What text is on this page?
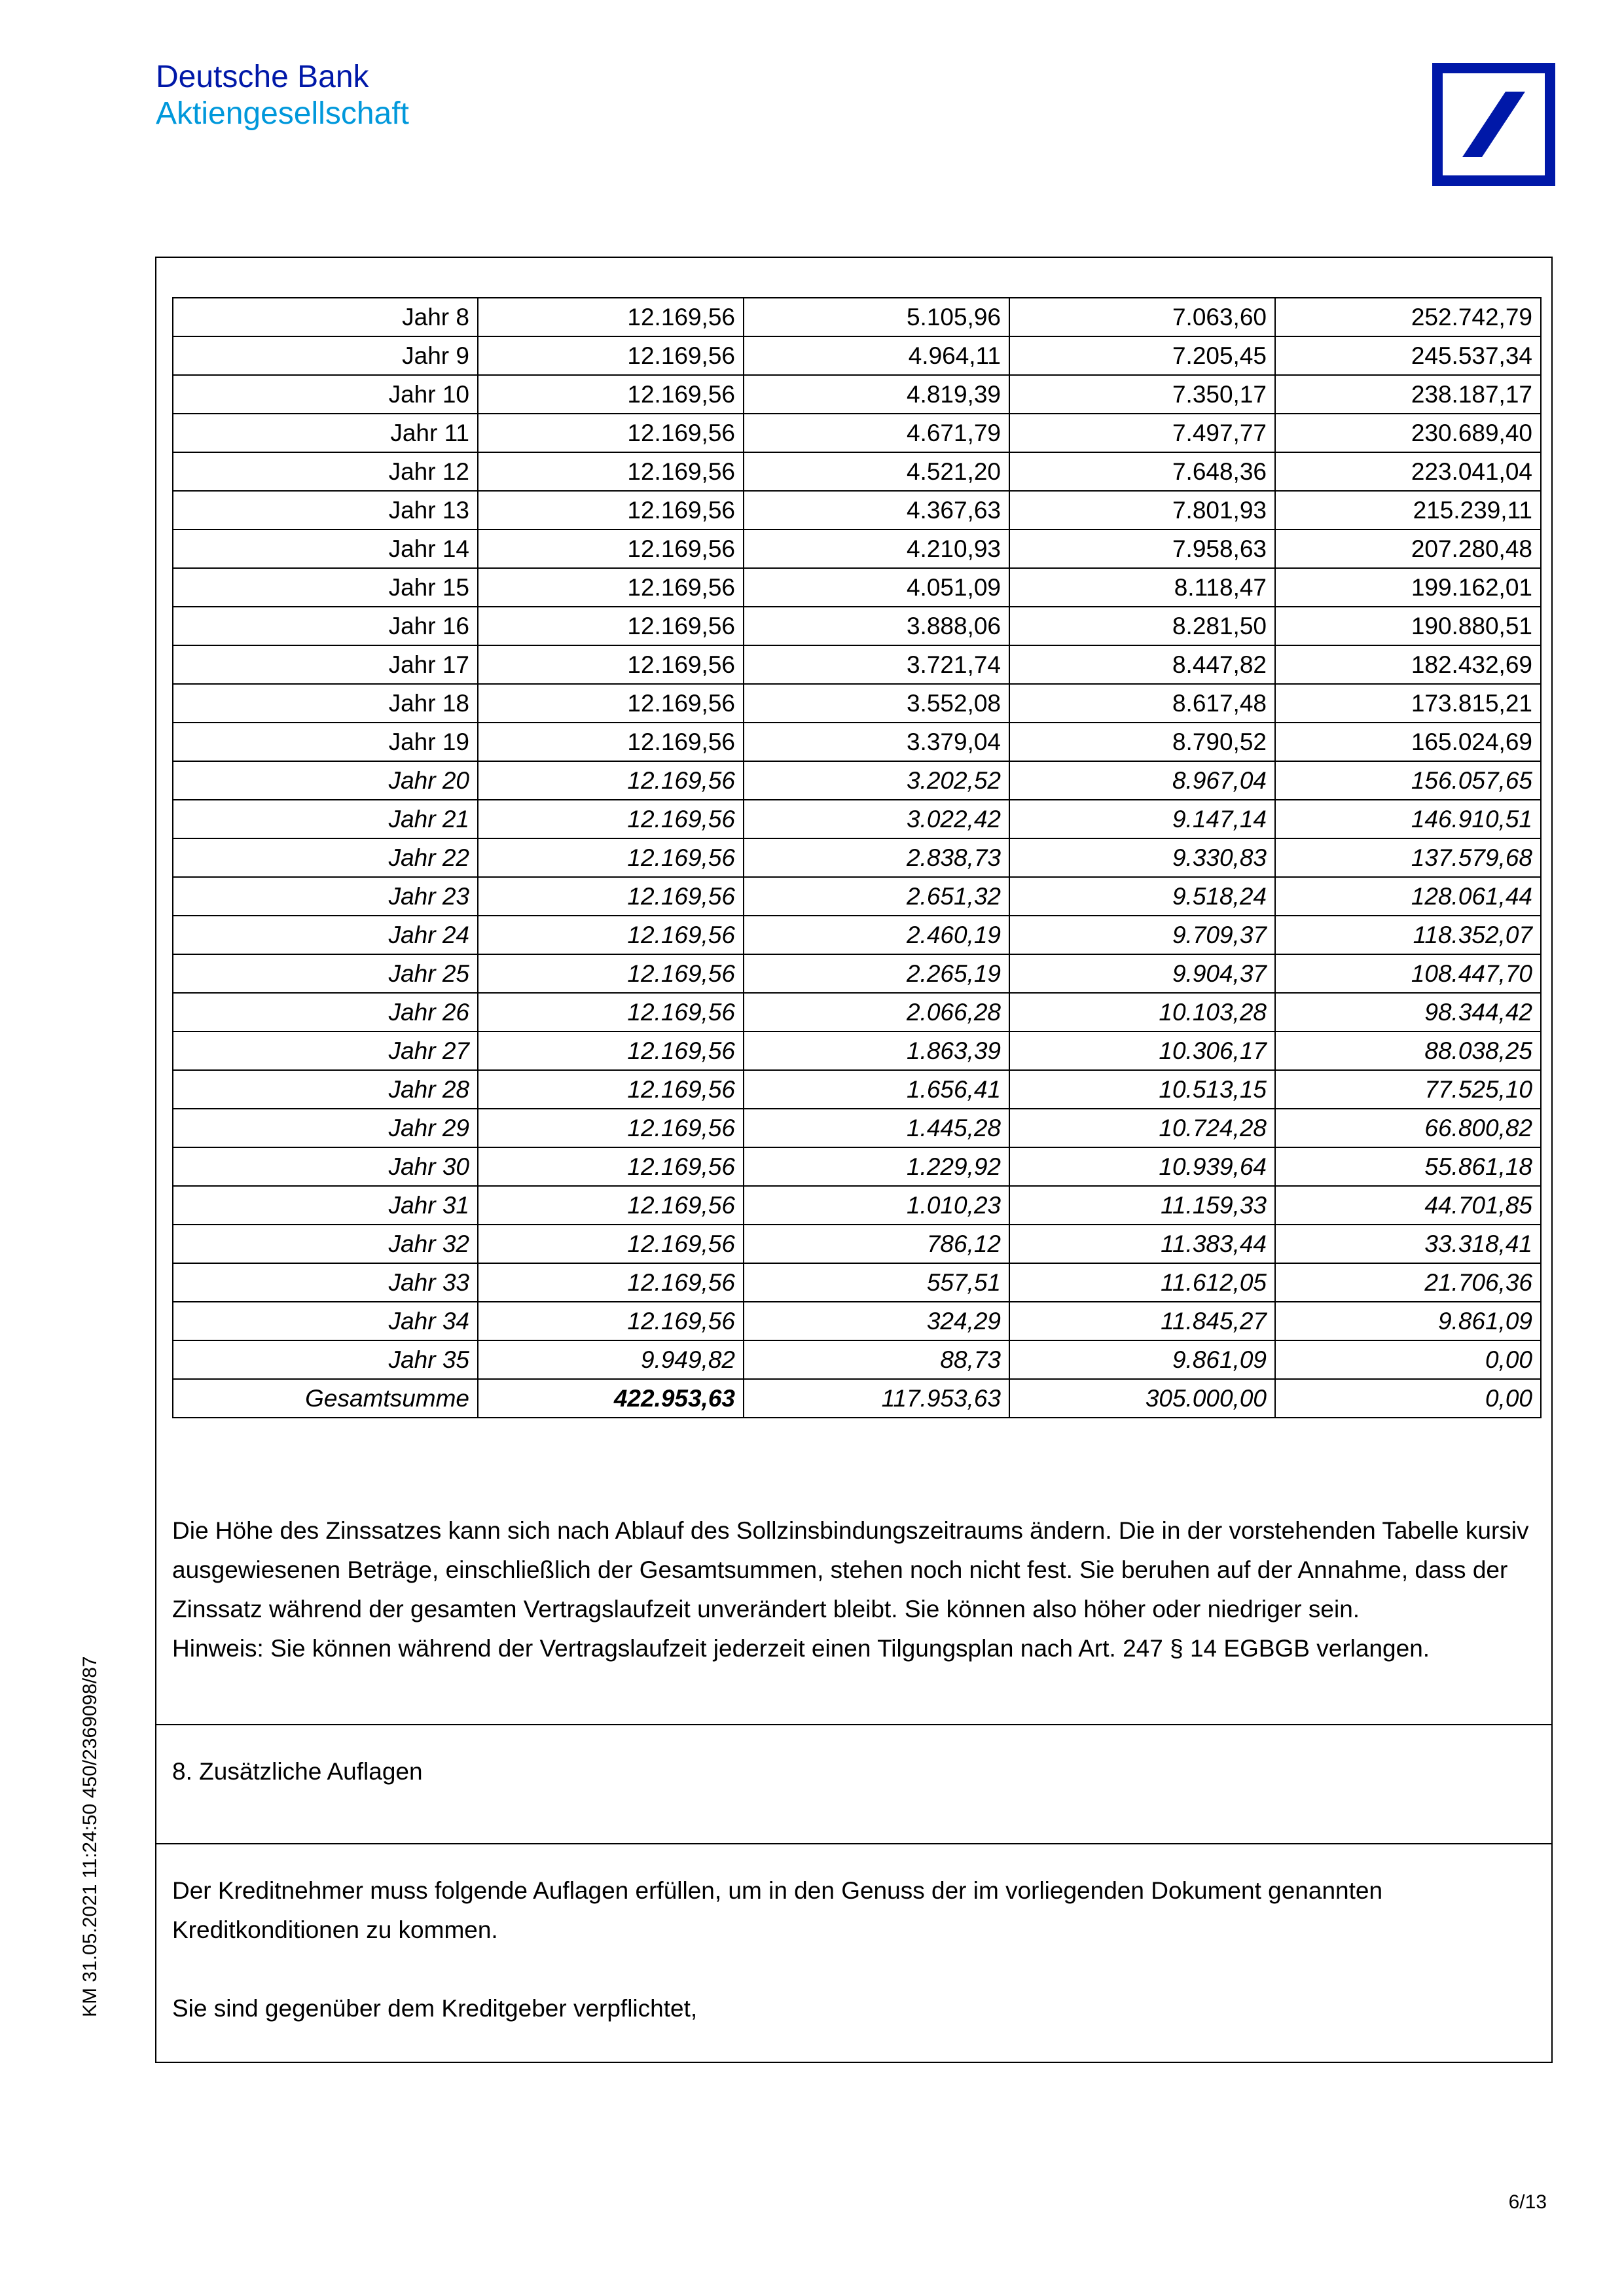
Deutsche Bank
Aktiengesellschaft
Jahr 8	12.169,56	5.105,96	7.063,60	252.742,79
Jahr 9	12.169,56	4.964,11	7.205,45	245.537,34
Jahr 10	12.169,56	4.819,39	7.350,17	238.187,17
Jahr 11	12.169,56	4.671,79	7.497,77	230.689,40
Jahr 12	12.169,56	4.521,20	7.648,36	223.041,04
Jahr 13	12.169,56	4.367,63	7.801,93	215.239,11
Jahr 14	12.169,56	4.210,93	7.958,63	207.280,48
Jahr 15	12.169,56	4.051,09	8.118,47	199.162,01
Jahr 16	12.169,56	3.888,06	8.281,50	190.880,51
Jahr 17	12.169,56	3.721,74	8.447,82	182.432,69
Jahr 18	12.169,56	3.552,08	8.617,48	173.815,21
Jahr 19	12.169,56	3.379,04	8.790,52	165.024,69
Jahr 20	12.169,56	3.202,52	8.967,04	156.057,65
Jahr 21	12.169,56	3.022,42	9.147,14	146.910,51
Jahr 22	12.169,56	2.838,73	9.330,83	137.579,68
Jahr 23	12.169,56	2.651,32	9.518,24	128.061,44
Jahr 24	12.169,56	2.460,19	9.709,37	118.352,07
Jahr 25	12.169,56	2.265,19	9.904,37	108.447,70
Jahr 26	12.169,56	2.066,28	10.103,28	98.344,42
Jahr 27	12.169,56	1.863,39	10.306,17	88.038,25
Jahr 28	12.169,56	1.656,41	10.513,15	77.525,10
Jahr 29	12.169,56	1.445,28	10.724,28	66.800,82
Jahr 30	12.169,56	1.229,92	10.939,64	55.861,18
Jahr 31	12.169,56	1.010,23	11.159,33	44.701,85
Jahr 32	12.169,56	786,12	11.383,44	33.318,41
Jahr 33	12.169,56	557,51	11.612,05	21.706,36
Jahr 34	12.169,56	324,29	11.845,27	9.861,09
Jahr 35	9.949,82	88,73	9.861,09	0,00
Gesamtsumme	422.953,63	117.953,63	305.000,00	0,00

Die Höhe des Zinssatzes kann sich nach Ablauf des Sollzinsbindungszeitraums ändern. Die in der vorstehenden Tabelle kursiv ausgewiesenen Beträge, einschließlich der Gesamtsummen, stehen noch nicht fest. Sie beruhen auf der Annahme, dass der Zinssatz während der gesamten Vertragslaufzeit unverändert bleibt. Sie können also höher oder niedriger sein.

Hinweis: Sie können während der Vertragslaufzeit jederzeit einen Tilgungsplan nach Art. 247 § 14 EGBGB verlangen.

8. Zusätzliche Auflagen

Der Kreditnehmer muss folgende Auflagen erfüllen, um in den Genuss der im vorliegenden Dokument genannten Kreditkonditionen zu kommen.

Sie sind gegenüber dem Kreditgeber verpflichtet,

KM 31.05.2021 11:24:50 450/2369098/87
6/13
